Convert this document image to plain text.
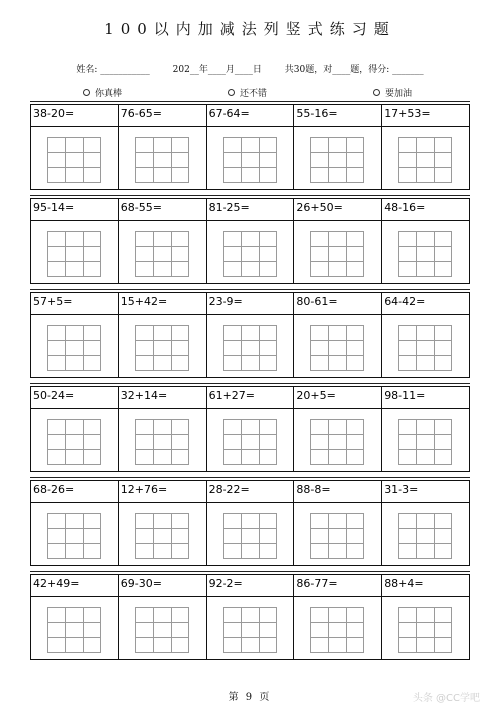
100以内加减法列竖式练习题
姓名: ___________        202__年____月____日        共30题，对____题，得分: _______
你真棒	还不错	要加油
38-20=	76-65=	67-64=	55-16=	17+53=
95-14=	68-55=	81-25=	26+50=	48-16=
57+5=	15+42=	23-9=	80-61=	64-42=
50-24=	32+14=	61+27=	20+5=	98-11=
68-26=	12+76=	28-22=	88-8=	31-3=
42+49=	69-30=	92-2=	86-77=	88+4=
第 9 页	头条 @CC学吧
